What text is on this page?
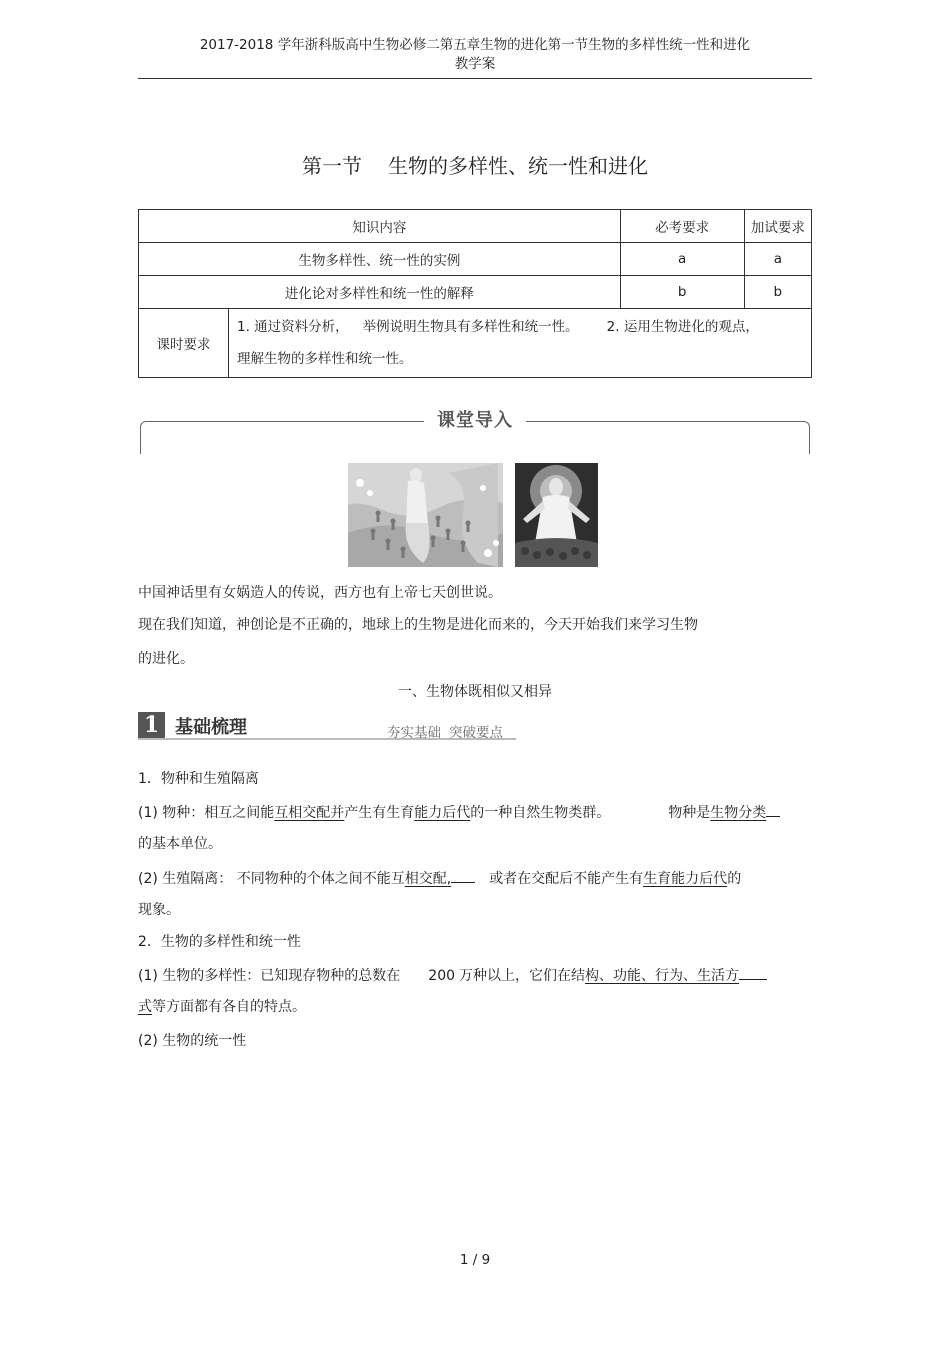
2017-2018 学年浙科版高中生物必修二第五章生物的进化第一节生物的多样性统一性和进化
教学案
第一节 生物的多样性、统一性和进化
知识内容		必考要求	加试要求
生物多样性、统一性的实例		a	a
进化论对多样性和统一性的解释		b	b
课时要求	1. 通过资料分析， 举例说明生物具有多样性和统一性。 2. 运用生物进化的观点，
理解生物的多样性和统一性。		
课堂导入
中国神话里有女娲造人的传说，西方也有上帝七天创世说。
现在我们知道，神创论是不正确的，地球上的生物是进化而来的，今天开始我们来学习生物
的进化。
一、生物体既相似又相异
1 基础梳理	夯实基础 突破要点
1．物种和生殖隔离
(1) 物种：相互之间能互相交配并产生有生育能力后代的一种自然生物类群。	物种是生物分类
的基本单位。
(2) 生殖隔离： 不同物种的个体之间不能互相交配,	或者在交配后不能产生有生育能力后代的
现象。
2．生物的多样性和统一性
(1) 生物的多样性：已知现存物种的总数在 200 万种以上，它们在结构、功能、行为、生活方
式等方面都有各自的特点。
(2) 生物的统一性
1 / 9
